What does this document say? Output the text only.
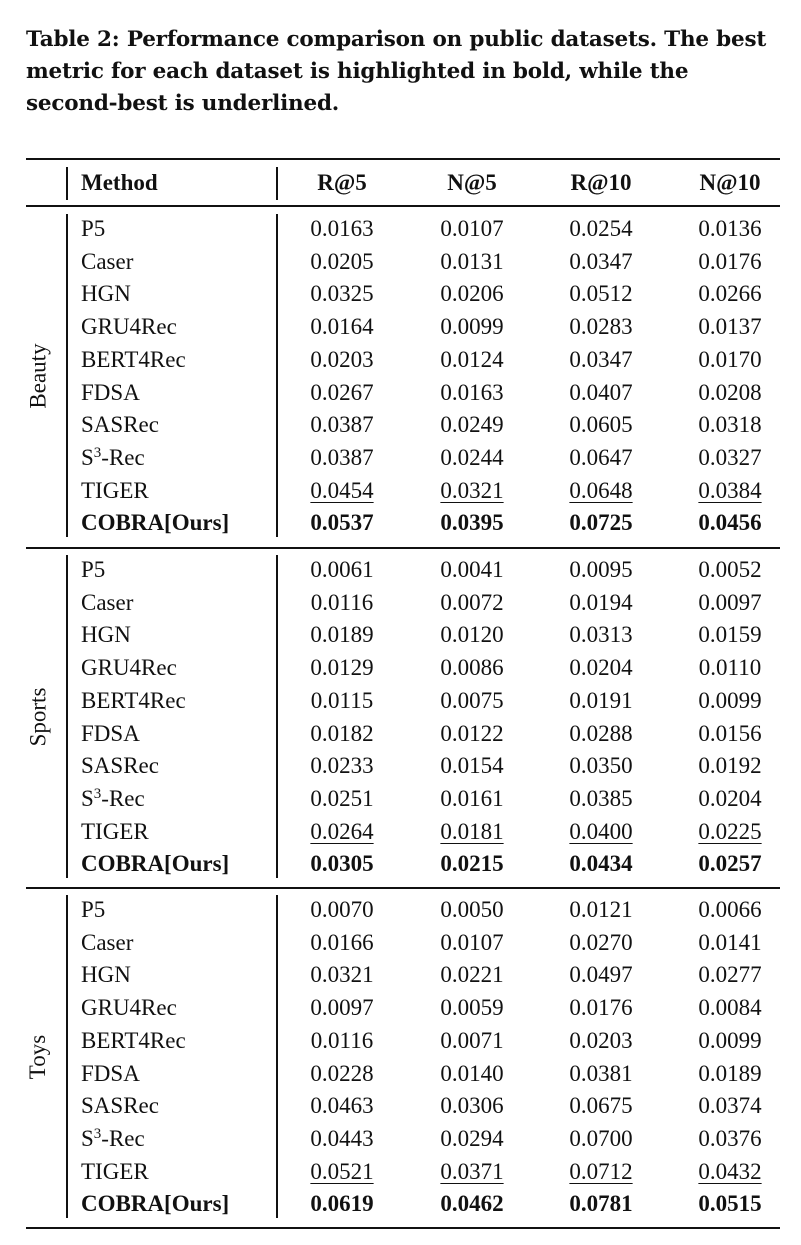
Table 2: Performance comparison on public datasets. The best metric for each dataset is highlighted in bold, while the second-best is underlined.
Method	R@5	N@5	R@10	N@10
Beauty
P5	0.0163	0.0107	0.0254	0.0136
Caser	0.0205	0.0131	0.0347	0.0176
HGN	0.0325	0.0206	0.0512	0.0266
GRU4Rec	0.0164	0.0099	0.0283	0.0137
BERT4Rec	0.0203	0.0124	0.0347	0.0170
FDSA	0.0267	0.0163	0.0407	0.0208
SASRec	0.0387	0.0249	0.0605	0.0318
$S^3$-Rec	0.0387	0.0244	0.0647	0.0327
TIGER	0.0454	0.0321	0.0648	0.0384
COBRA[Ours]	0.0537	0.0395	0.0725	0.0456
Sports
P5	0.0061	0.0041	0.0095	0.0052
Caser	0.0116	0.0072	0.0194	0.0097
HGN	0.0189	0.0120	0.0313	0.0159
GRU4Rec	0.0129	0.0086	0.0204	0.0110
BERT4Rec	0.0115	0.0075	0.0191	0.0099
FDSA	0.0182	0.0122	0.0288	0.0156
SASRec	0.0233	0.0154	0.0350	0.0192
$S^3$-Rec	0.0251	0.0161	0.0385	0.0204
TIGER	0.0264	0.0181	0.0400	0.0225
COBRA[Ours]	0.0305	0.0215	0.0434	0.0257
Toys
P5	0.0070	0.0050	0.0121	0.0066
Caser	0.0166	0.0107	0.0270	0.0141
HGN	0.0321	0.0221	0.0497	0.0277
GRU4Rec	0.0097	0.0059	0.0176	0.0084
BERT4Rec	0.0116	0.0071	0.0203	0.0099
FDSA	0.0228	0.0140	0.0381	0.0189
SASRec	0.0463	0.0306	0.0675	0.0374
$S^3$-Rec	0.0443	0.0294	0.0700	0.0376
TIGER	0.0521	0.0371	0.0712	0.0432
COBRA[Ours]	0.0619	0.0462	0.0781	0.0515
